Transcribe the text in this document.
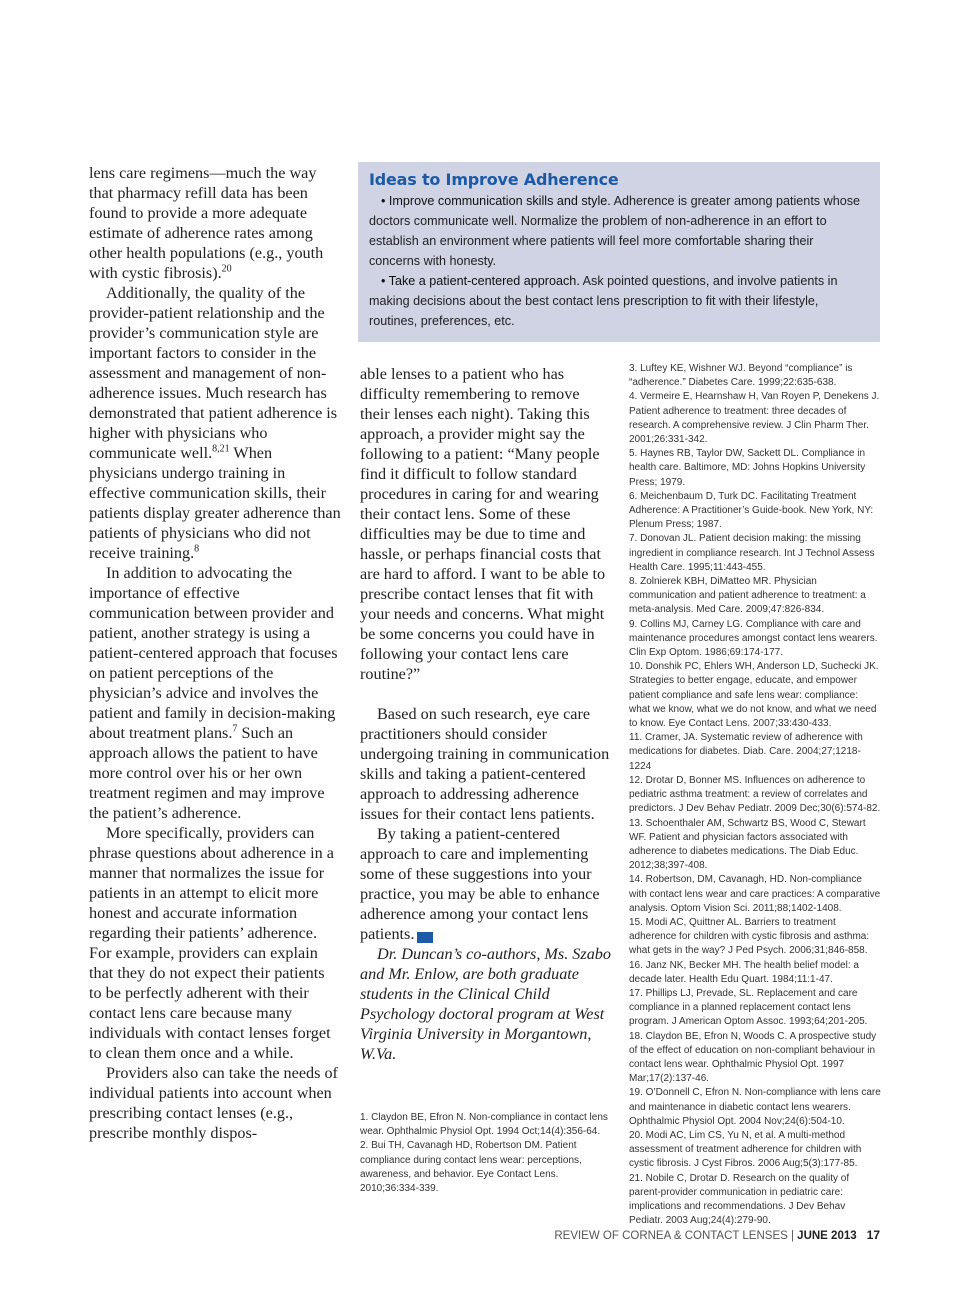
lens care regimens—much the way that pharmacy refill data has been found to provide a more adequate estimate of adherence rates among other health populations (e.g., youth with cystic fibrosis).$^{20}$

Additionally, the quality of the provider-patient relationship and the provider’s communication style are important factors to consider in the assessment and management of non-adherence issues. Much research has demonstrated that patient adherence is higher with physicians who communicate well.$^{8,21}$ When physicians undergo training in effective communication skills, their patients display greater adherence than patients of physicians who did not receive training.$^8$

In addition to advocating the importance of effective communication between provider and patient, another strategy is using a patient-centered approach that focuses on patient perceptions of the physician’s advice and involves the patient and family in decision-making about treatment plans.$^7$ Such an approach allows the patient to have more control over his or her own treatment regimen and may improve the patient’s adherence.

More specifically, providers can phrase questions about adherence in a manner that normalizes the issue for patients in an attempt to elicit more honest and accurate information regarding their patients’ adherence. For example, providers can explain that they do not expect their patients to be perfectly adherent with their contact lens care because many individuals with contact lenses forget to clean them once and a while.

Providers also can take the needs of individual patients into account when prescribing contact lenses (e.g., prescribe monthly dispos-

Ideas to Improve Adherence

• Improve communication skills and style. Adherence is greater among patients whose doctors communicate well. Normalize the problem of non-adherence in an effort to establish an environment where patients will feel more comfortable sharing their concerns with honesty.

• Take a patient-centered approach. Ask pointed questions, and involve patients in making decisions about the best contact lens prescription to fit with their lifestyle, routines, preferences, etc.

able lenses to a patient who has difficulty remembering to remove their lenses each night). Taking this approach, a provider might say the following to a patient: “Many people find it difficult to follow standard procedures in caring for and wearing their contact lens. Some of these difficulties may be due to time and hassle, or perhaps financial costs that are hard to afford. I want to be able to prescribe contact lenses that fit with your needs and concerns. What might be some concerns you could have in following your contact lens care routine?”

Based on such research, eye care practitioners should consider undergoing training in communication skills and taking a patient-centered approach to addressing adherence issues for their contact lens patients.

By taking a patient-centered approach to care and implementing some of these suggestions into your practice, you may be able to enhance adherence among your contact lens patients.	RCCL

Dr. Duncan’s co-authors, Ms. Szabo and Mr. Enlow, are both graduate students in the Clinical Child Psychology doctoral program at West Virginia University in Morgantown, W.Va.

1. Claydon BE, Efron N. Non-compliance in contact lens wear. Ophthalmic Physiol Opt. 1994 Oct;14(4):356-64.

2. Bui TH, Cavanagh HD, Robertson DM. Patient compliance during contact lens wear: perceptions, awareness, and behavior. Eye Contact Lens. 2010;36:334-339.

3. Luftey KE, Wishner WJ. Beyond “compliance” is “adherence.” Diabetes Care. 1999;22:635-638.

4. Vermeire E, Hearnshaw H, Van Royen P, Denekens J. Patient adherence to treatment: three decades of research. A comprehensive review. J Clin Pharm Ther. 2001;26:331-342.

5. Haynes RB, Taylor DW, Sackett DL. Compliance in health care. Baltimore, MD: Johns Hopkins University Press; 1979.

6. Meichenbaum D, Turk DC. Facilitating Treatment Adherence: A Practitioner’s Guide-book. New York, NY: Plenum Press; 1987.

7. Donovan JL. Patient decision making: the missing ingredient in compliance research. Int J Technol Assess Health Care. 1995;11:443-455.

8. Zolnierek KBH, DiMatteo MR. Physician communication and patient adherence to treatment: a meta-analysis. Med Care. 2009;47:826-834.

9. Collins MJ, Carney LG. Compliance with care and maintenance procedures amongst contact lens wearers. Clin Exp Optom. 1986;69:174-177.

10. Donshik PC, Ehlers WH, Anderson LD, Suchecki JK. Strategies to better engage, educate, and empower patient compliance and safe lens wear: compliance: what we know, what we do not know, and what we need to know. Eye Contact Lens. 2007;33:430-433.

11. Cramer, JA. Systematic review of adherence with medications for diabetes. Diab. Care. 2004;27;1218-1224

12. Drotar D, Bonner MS. Influences on adherence to pediatric asthma treatment: a review of correlates and predictors. J Dev Behav Pediatr. 2009 Dec;30(6):574-82.

13. Schoenthaler AM, Schwartz BS, Wood C, Stewart WF. Patient and physician factors associated with adherence to diabetes medications. The Diab Educ. 2012;38;397-408.

14. Robertson, DM, Cavanagh, HD. Non-compliance with contact lens wear and care practices: A comparative analysis. Optom Vision Sci. 2011;88;1402-1408.

15. Modi AC, Quittner AL. Barriers to treatment adherence for children with cystic fibrosis and asthma: what gets in the way? J Ped Psych. 2006;31;846-858.

16. Janz NK, Becker MH. The health belief model: a decade later. Health Edu Quart. 1984;11:1-47.

17. Phillips LJ, Prevade, SL. Replacement and care compliance in a planned replacement contact lens program. J American Optom Assoc. 1993;64;201-205.

18. Claydon BE, Efron N, Woods C. A prospective study of the effect of education on non-compliant behaviour in contact lens wear. Ophthalmic Physiol Opt. 1997 Mar;17(2):137-46.

19. O’Donnell C, Efron N. Non-compliance with lens care and maintenance in diabetic contact lens wearers. Ophthalmic Physiol Opt. 2004 Nov;24(6):504-10.

20. Modi AC, Lim CS, Yu N, et al. A multi-method assessment of treatment adherence for children with cystic fibrosis. J Cyst Fibros. 2006 Aug;5(3):177-85.

21. Nobile C, Drotar D. Research on the quality of parent-provider communication in pediatric care: implications and recommendations. J Dev Behav Pediatr. 2003 Aug;24(4):279-90.

REVIEW OF CORNEA & CONTACT LENSES | JUNE 2013 17
